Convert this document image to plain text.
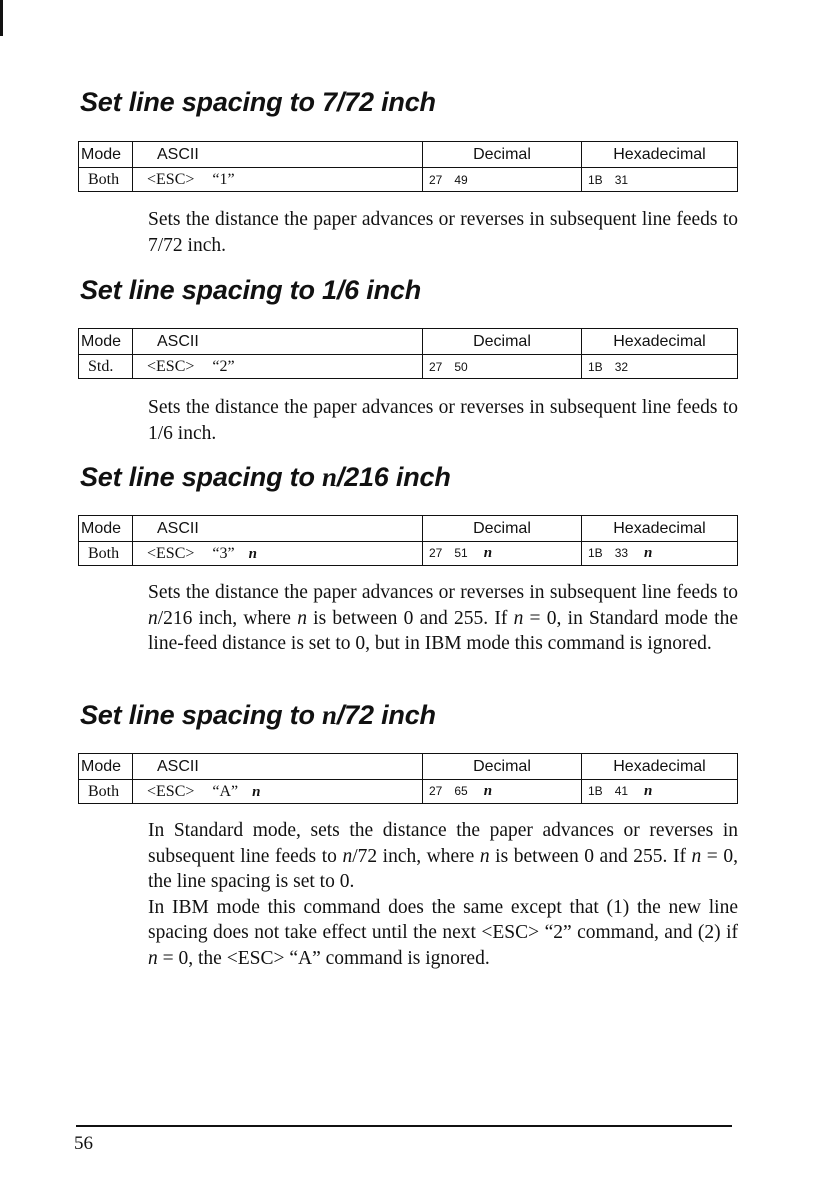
Set line spacing to 7/72 inch
Mode	ASCII	Decimal	Hexadecimal
Both	<ESC> “1”	27 49	1B 31

Sets the distance the paper advances or reverses in subsequent line feeds to 7/72 inch.

Set line spacing to 1/6 inch
Mode	ASCII	Decimal	Hexadecimal
Std.	<ESC> “2”	27 50	1B 32

Sets the distance the paper advances or reverses in subsequent line feeds to 1/6 inch.

Set line spacing to n/216 inch
Mode	ASCII	Decimal	Hexadecimal
Both	<ESC> “3” n	27 51 n	1B 33 n

Sets the distance the paper advances or reverses in subsequent line feeds to n/216 inch, where n is between 0 and 255. If n = 0, in Standard mode the line-feed distance is set to 0, but in IBM mode this command is ignored.

Set line spacing to n/72 inch
Mode	ASCII	Decimal	Hexadecimal
Both	<ESC> “A” n	27 65 n	1B 41 n

In Standard mode, sets the distance the paper advances or reverses in subsequent line feeds to n/72 inch, where n is between 0 and 255. If n = 0, the line spacing is set to 0.
In IBM mode this command does the same except that (1) the new line spacing does not take effect until the next <ESC> “2” command, and (2) if n = 0, the <ESC> “A” command is ignored.

56
